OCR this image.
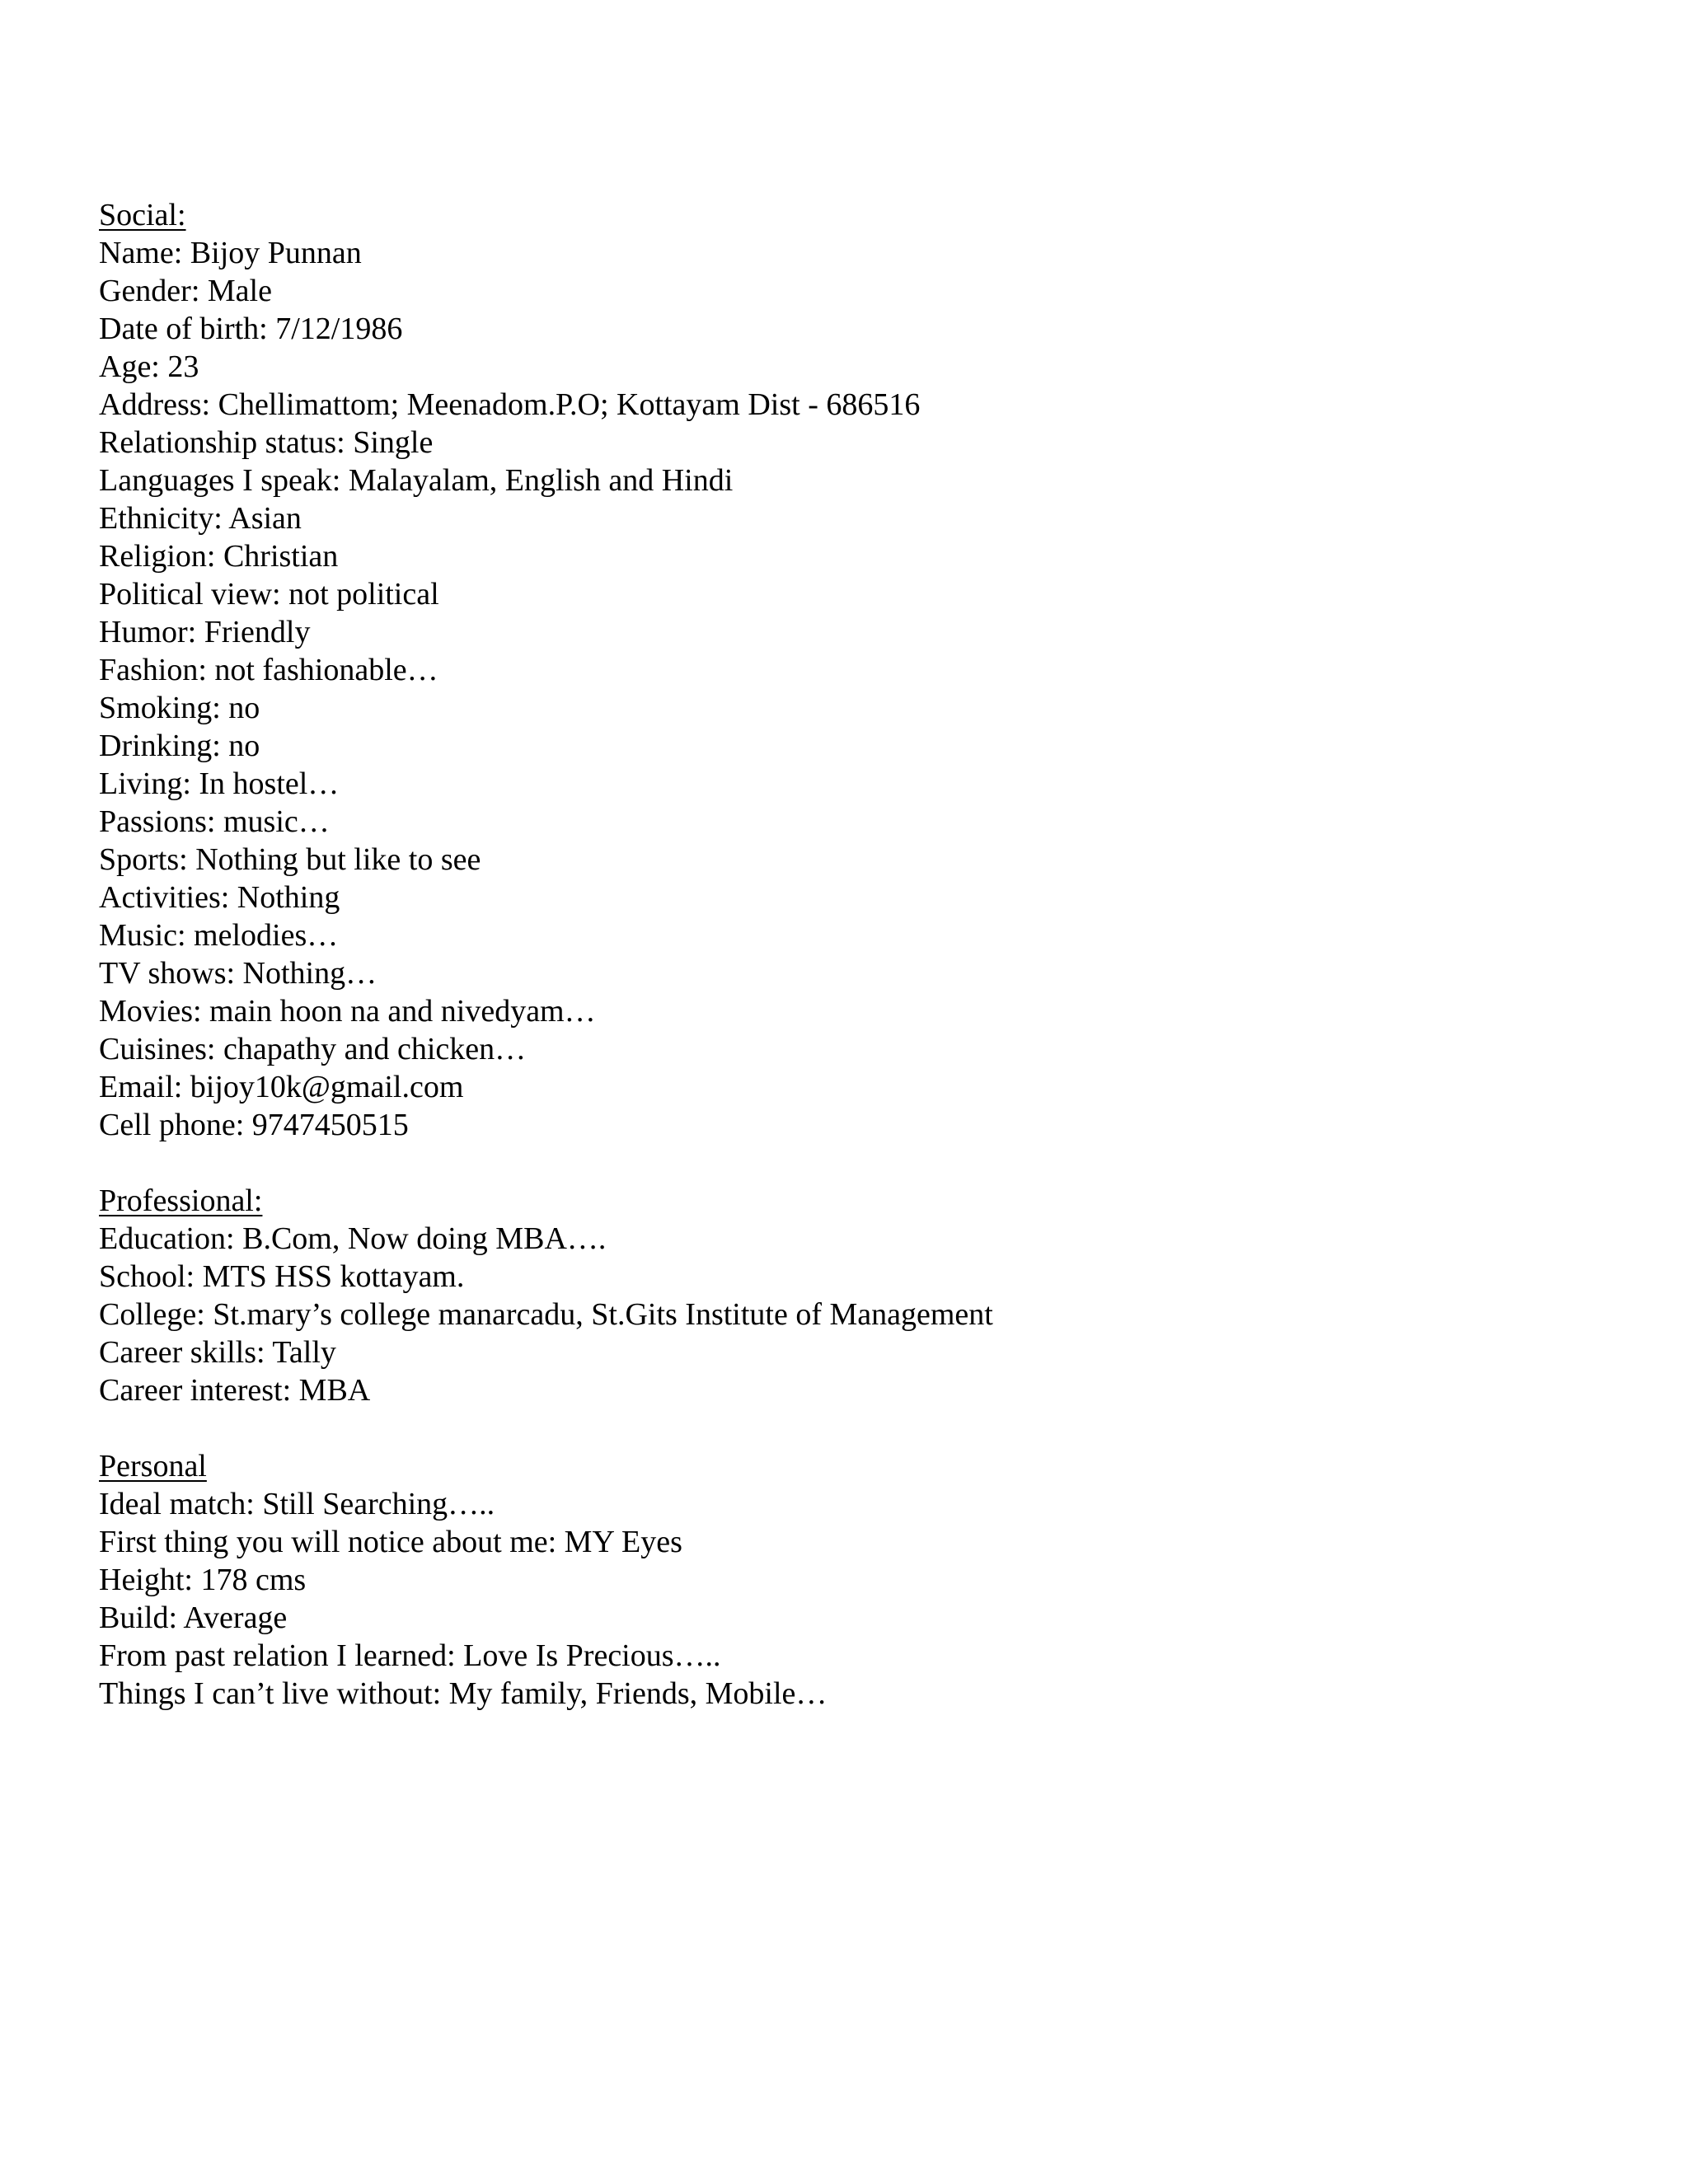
Social:
Name: Bijoy Punnan
Gender: Male
Date of birth: 7/12/1986
Age: 23
Address: Chellimattom; Meenadom.P.O; Kottayam Dist - 686516
Relationship status: Single
Languages I speak: Malayalam, English and Hindi
Ethnicity: Asian
Religion: Christian
Political view: not political
Humor: Friendly
Fashion: not fashionable…
Smoking: no
Drinking: no
Living: In hostel…
Passions: music…
Sports: Nothing but like to see
Activities: Nothing
Music: melodies…
TV shows: Nothing…
Movies: main hoon na and nivedyam…
Cuisines: chapathy and chicken…
Email: bijoy10k@gmail.com
Cell phone: 9747450515
Professional:
Education: B.Com, Now doing MBA….
School: MTS HSS kottayam.
College: St.mary’s college manarcadu, St.Gits Institute of Management
Career skills: Tally
Career interest: MBA
Personal
Ideal match: Still Searching…..
First thing you will notice about me: MY Eyes
Height: 178 cms
Build: Average
From past relation I learned: Love Is Precious…..
Things I can’t live without: My family, Friends, Mobile…
